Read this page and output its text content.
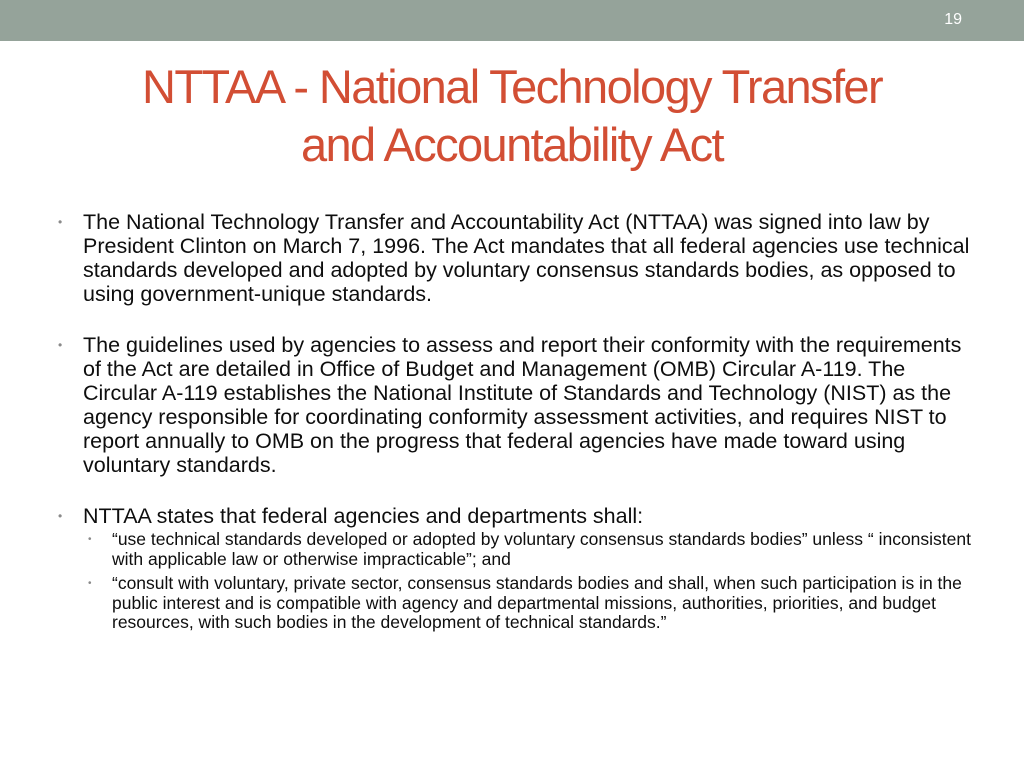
19
NTTAA - National Technology Transfer
and Accountability Act
• The National Technology Transfer and Accountability Act (NTTAA) was signed into law by President Clinton on March 7, 1996. The Act mandates that all federal agencies use technical standards developed and adopted by voluntary consensus standards bodies, as opposed to using government-unique standards.
• The guidelines used by agencies to assess and report their conformity with the requirements of the Act are detailed in Office of Budget and Management (OMB) Circular A-119. The Circular A-119 establishes the National Institute of Standards and Technology (NIST) as the agency responsible for coordinating conformity assessment activities, and requires NIST to report annually to OMB on the progress that federal agencies have made toward using voluntary standards.
• NTTAA states that federal agencies and departments shall:
• “use technical standards developed or adopted by voluntary consensus standards bodies” unless “ inconsistent with applicable law or otherwise impracticable”; and
• “consult with voluntary, private sector, consensus standards bodies and shall, when such participation is in the public interest and is compatible with agency and departmental missions, authorities, priorities, and budget resources, with such bodies in the development of technical standards.”
